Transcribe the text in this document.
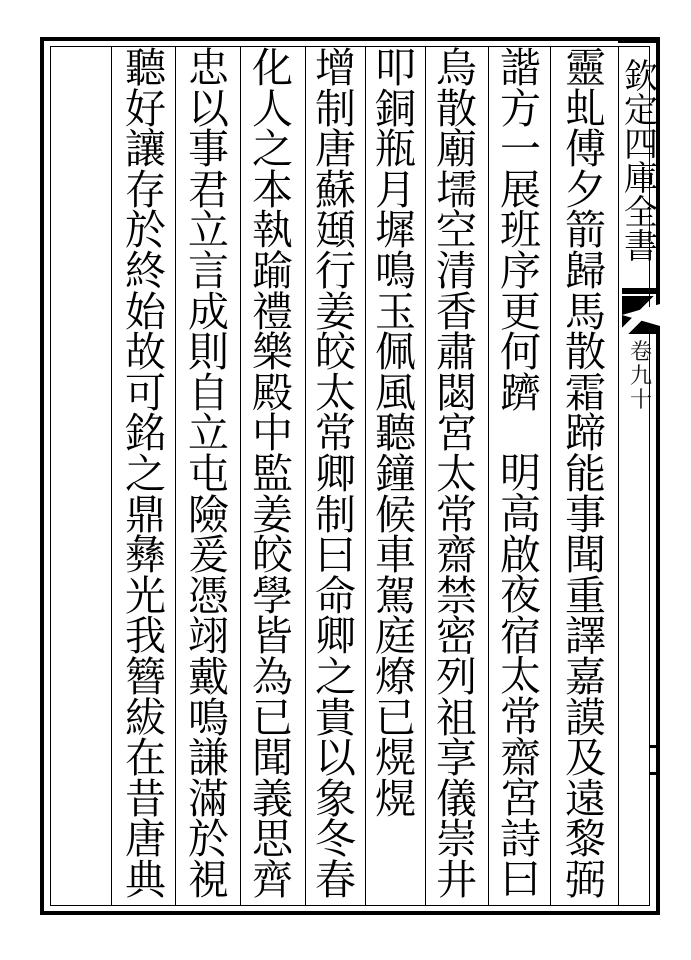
欽
定
四
庫
全
書
卷
九
十
靈
虬
傅
夕
箭
歸
馬
散
霜
蹄
能
事
聞
重
譯
嘉
謨
及
遠
黎
弼
諧
方
一
展
班
序
更
何
躋
明
高
啟
夜
宿
太
常
齋
宮
詩
曰
烏
散
廟
壖
空
清
香
肅
閟
宮
太
常
齋
禁
密
列
祖
享
儀
崇
井
叩
銅
瓶
月
墀
鳴
玉
佩
風
聽
鐘
候
車
駕
庭
燎
已
熀
熀
增
制
唐
蘇
頲
行
姜
皎
太
常
卿
制
曰
命
卿
之
貴
以
象
冬
春
化
人
之
本
執
踰
禮
樂
殿
中
監
姜
皎
學
皆
為
已
聞
義
思
齊
忠
以
事
君
立
言
成
則
自
立
屯
險
爰
憑
翊
戴
鳴
謙
滿
於
視
聽
好
讓
存
於
終
始
故
可
銘
之
鼎
彝
光
我
簪
紱
在
昔
唐
典
